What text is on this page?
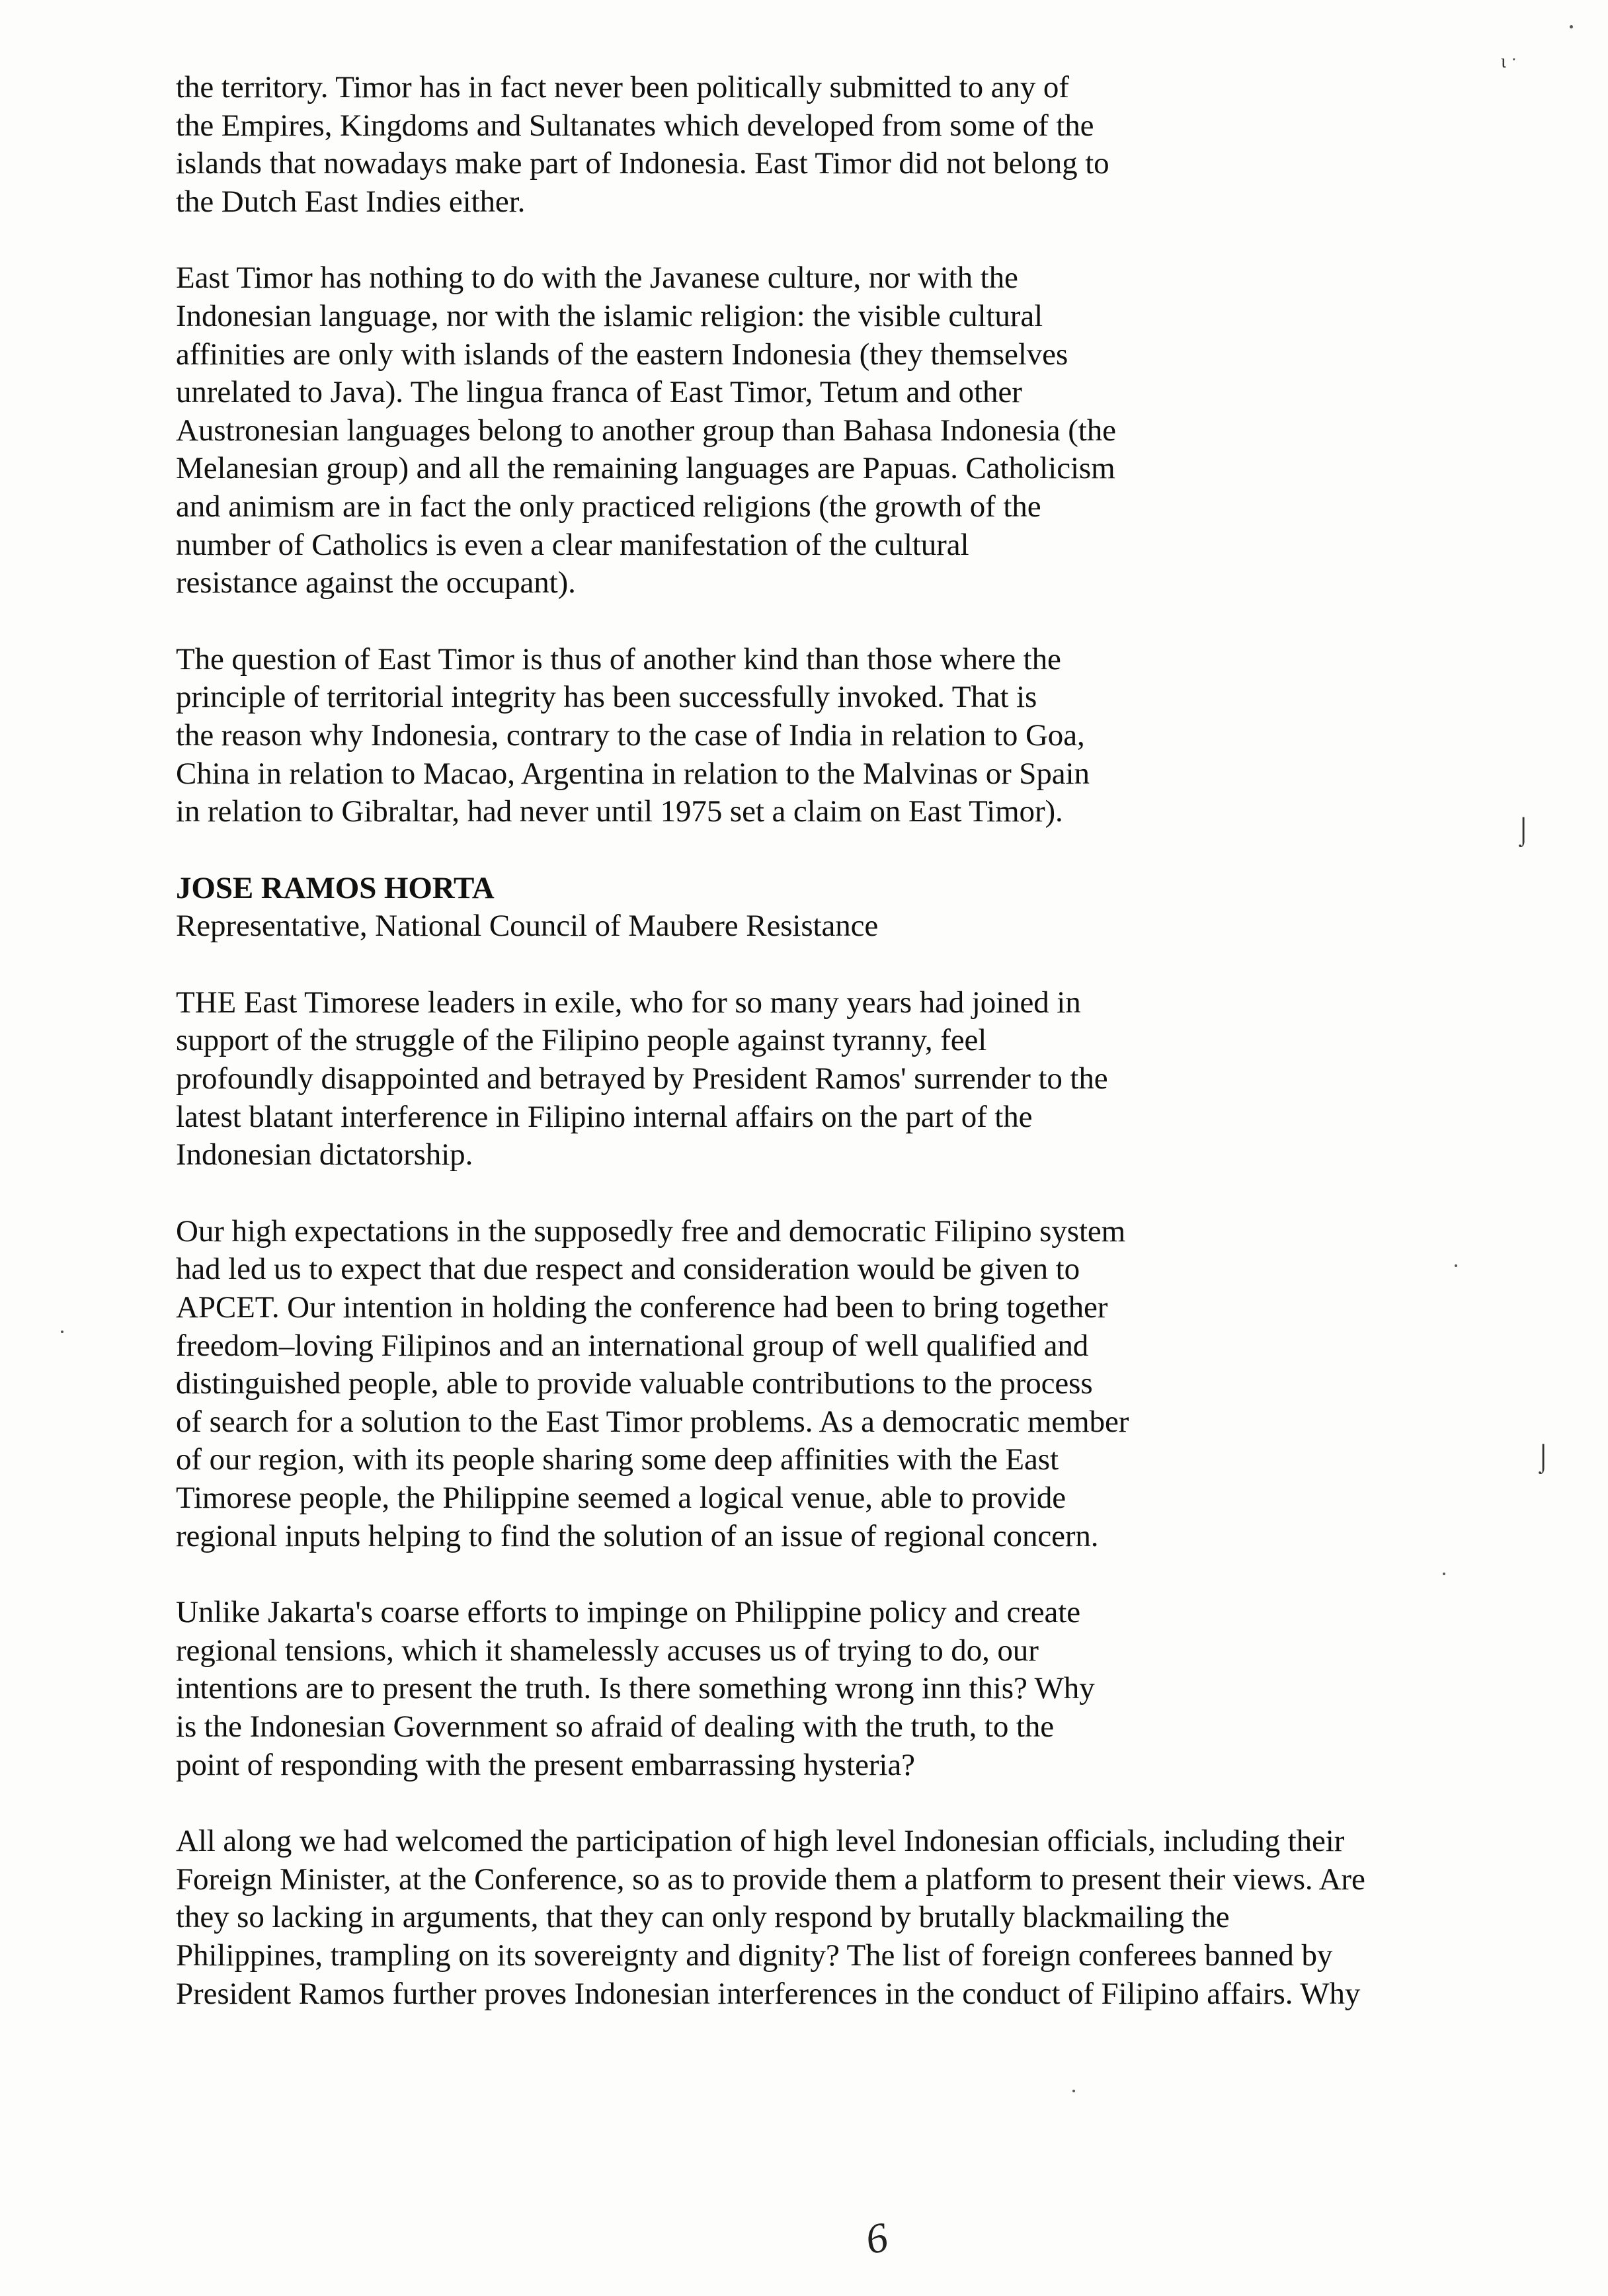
the territory. Timor has in fact never been politically submitted to any of
the Empires, Kingdoms and Sultanates which developed from some of the
islands that nowadays make part of Indonesia. East Timor did not belong to
the Dutch East Indies either.
East Timor has nothing to do with the Javanese culture, nor with the
Indonesian language, nor with the islamic religion: the visible cultural
affinities are only with islands of the eastern Indonesia (they themselves
unrelated to Java). The lingua franca of East Timor, Tetum and other
Austronesian languages belong to another group than Bahasa Indonesia (the
Melanesian group) and all the remaining languages are Papuas. Catholicism
and animism are in fact the only practiced religions (the growth of the
number of Catholics is even a clear manifestation of the cultural
resistance against the occupant).
The question of East Timor is thus of another kind than those where the
principle of territorial integrity has been successfully invoked. That is
the reason why Indonesia, contrary to the case of India in relation to Goa,
China in relation to Macao, Argentina in relation to the Malvinas or Spain
in relation to Gibraltar, had never until 1975 set a claim on East Timor).
JOSE RAMOS HORTA
Representative, National Council of Maubere Resistance
THE East Timorese leaders in exile, who for so many years had joined in
support of the struggle of the Filipino people against tyranny, feel
profoundly disappointed and betrayed by President Ramos' surrender to the
latest blatant interference in Filipino internal affairs on the part of the
Indonesian dictatorship.
Our high expectations in the supposedly free and democratic Filipino system
had led us to expect that due respect and consideration would be given to
APCET. Our intention in holding the conference had been to bring together
freedom–loving Filipinos and an international group of well qualified and
distinguished people, able to provide valuable contributions to the process
of search for a solution to the East Timor problems. As a democratic member
of our region, with its people sharing some deep affinities with the East
Timorese people, the Philippine seemed a logical venue, able to provide
regional inputs helping to find the solution of an issue of regional concern.
Unlike Jakarta's coarse efforts to impinge on Philippine policy and create
regional tensions, which it shamelessly accuses us of trying to do, our
intentions are to present the truth. Is there something wrong inn this? Why
is the Indonesian Government so afraid of dealing with the truth, to the
point of responding with the present embarrassing hysteria?
All along we had welcomed the participation of high level Indonesian officials, including their
Foreign Minister, at the Conference, so as to provide them a platform to present their views. Are
they so lacking in arguments, that they can only respond by brutally blackmailing the
Philippines, trampling on its sovereignty and dignity? The list of foreign conferees banned by
President Ramos further proves Indonesian interferences in the conduct of Filipino affairs. Why
ɩ ˑ
⌡
⌡
6
